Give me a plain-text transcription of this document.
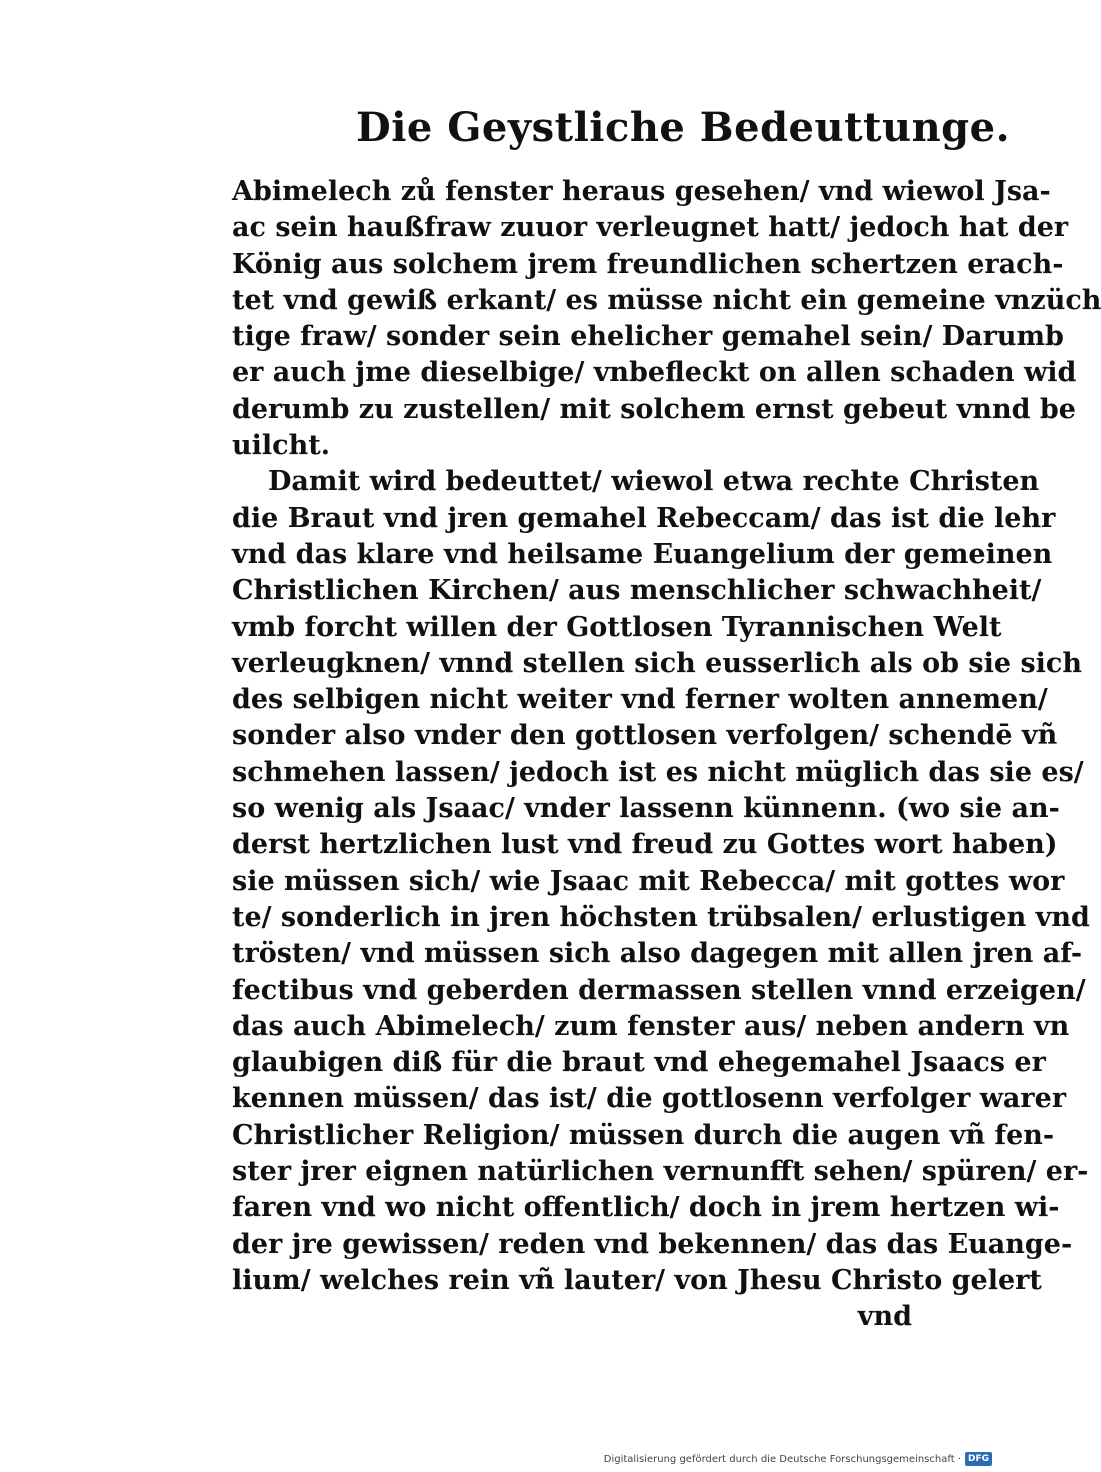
Die Geystliche Bedeuttunge.
Abimelech zů fenster heraus gesehen/ vnd wiewol Jsa-
ac sein haußfraw zuuor verleugnet hatt/ jedoch hat der
König aus solchem jrem freundlichen schertzen erach-
tet vnd gewiß erkant/ es müsse nicht ein gemeine vnzüch
tige fraw/ sonder sein ehelicher gemahel sein/ Darumb
er auch jme dieselbige/ vnbefleckt on allen schaden wid
derumb zu zustellen/ mit solchem ernst gebeut vnnd be
uilcht.
Damit wird bedeuttet/ wiewol etwa rechte Christen
die Braut vnd jren gemahel Rebeccam/ das ist die lehr
vnd das klare vnd heilsame Euangelium der gemeinen
Christlichen Kirchen/ aus menschlicher schwachheit/
vmb forcht willen der Gottlosen Tyrannischen Welt
verleugknen/ vnnd stellen sich eusserlich als ob sie sich
des selbigen nicht weiter vnd ferner wolten annemen/
sonder also vnder den gottlosen verfolgen/ schendē vñ
schmehen lassen/ jedoch ist es nicht müglich das sie es/
so wenig als Jsaac/ vnder lassenn künnenn. (wo sie an-
derst hertzlichen lust vnd freud zu Gottes wort haben)
sie müssen sich/ wie Jsaac mit Rebecca/ mit gottes wor
te/ sonderlich in jren höchsten trübsalen/ erlustigen vnd
trösten/ vnd müssen sich also dagegen mit allen jren af-
fectibus vnd geberden dermassen stellen vnnd erzeigen/
das auch Abimelech/ zum fenster aus/ neben andern vn
glaubigen diß für die braut vnd ehegemahel Jsaacs er
kennen müssen/ das ist/ die gottlosenn verfolger warer
Christlicher Religion/ müssen durch die augen vñ fen-
ster jrer eignen natürlichen vernunfft sehen/ spüren/ er-
faren vnd wo nicht offentlich/ doch in jrem hertzen wi-
der jre gewissen/ reden vnd bekennen/ das das Euange-
lium/ welches rein vñ lauter/ von Jhesu Christo gelert
vnd
Digitalisierung gefördert durch die Deutsche Forschungsgemeinschaft · DFG
